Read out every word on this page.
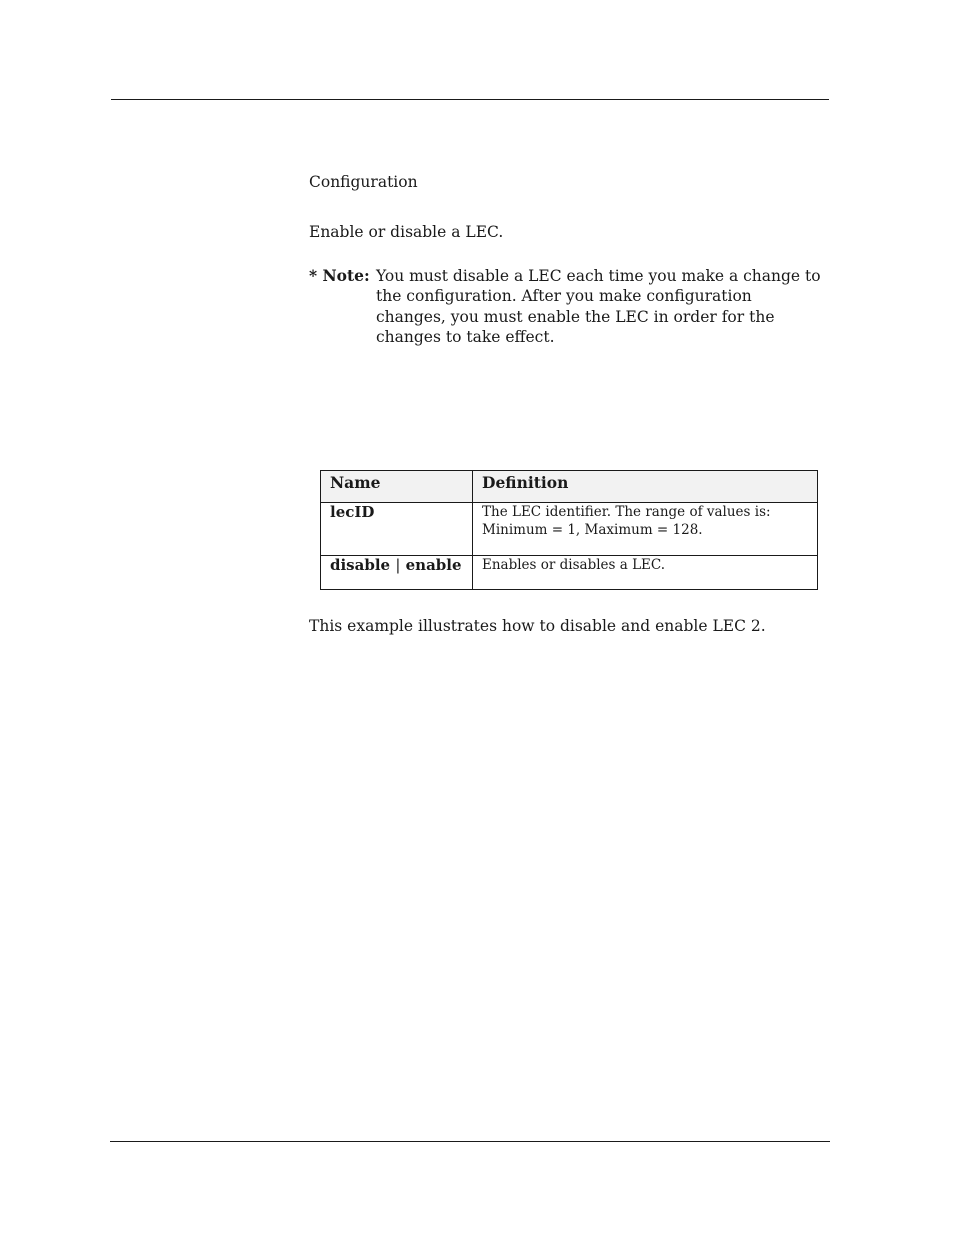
Configuration
Enable or disable a LEC.
* Note: You must disable a LEC each time you make a change to
the configuration. After you make configuration
changes, you must enable the LEC in order for the
changes to take effect.
Name	Definition
lecID	The LEC identifier. The range of values is:
Minimum = 1, Maximum = 128.

disable | enable	Enables or disables a LEC.
This example illustrates how to disable and enable LEC 2.
